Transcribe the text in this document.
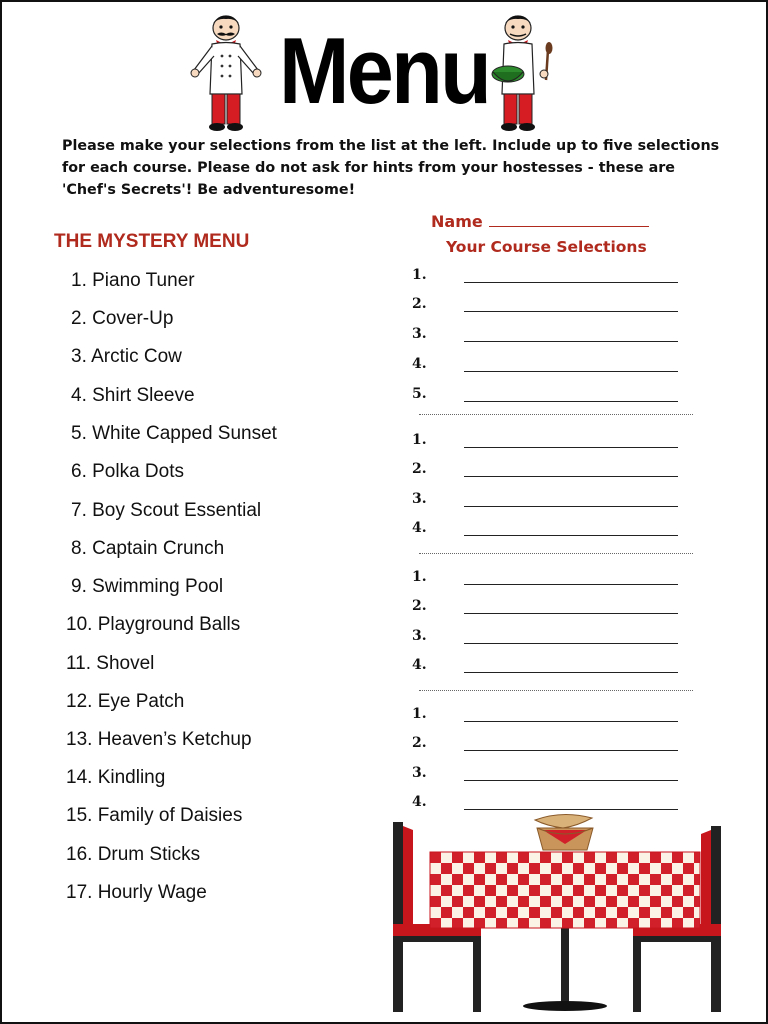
Menu
Please make your selections from the list at the left. Include up to five selections for each course. Please do not ask for hints from your hostesses - these are 'Chef's Secrets'! Be adventuresome!
THE MYSTERY MENU
1. Piano Tuner
2. Cover-Up
3. Arctic Cow
4. Shirt Sleeve
5. White Capped Sunset
6. Polka Dots
7. Boy Scout Essential
8. Captain Crunch
9. Swimming Pool
10. Playground Balls
11. Shovel
12. Eye Patch
13. Heaven’s Ketchup
14. Kindling
15. Family of Daisies
16. Drum Sticks
17. Hourly Wage
Name
Your Course Selections
1.
2.
3.
4.
5.
1.
2.
3.
4.
1.
2.
3.
4.
1.
2.
3.
4.
